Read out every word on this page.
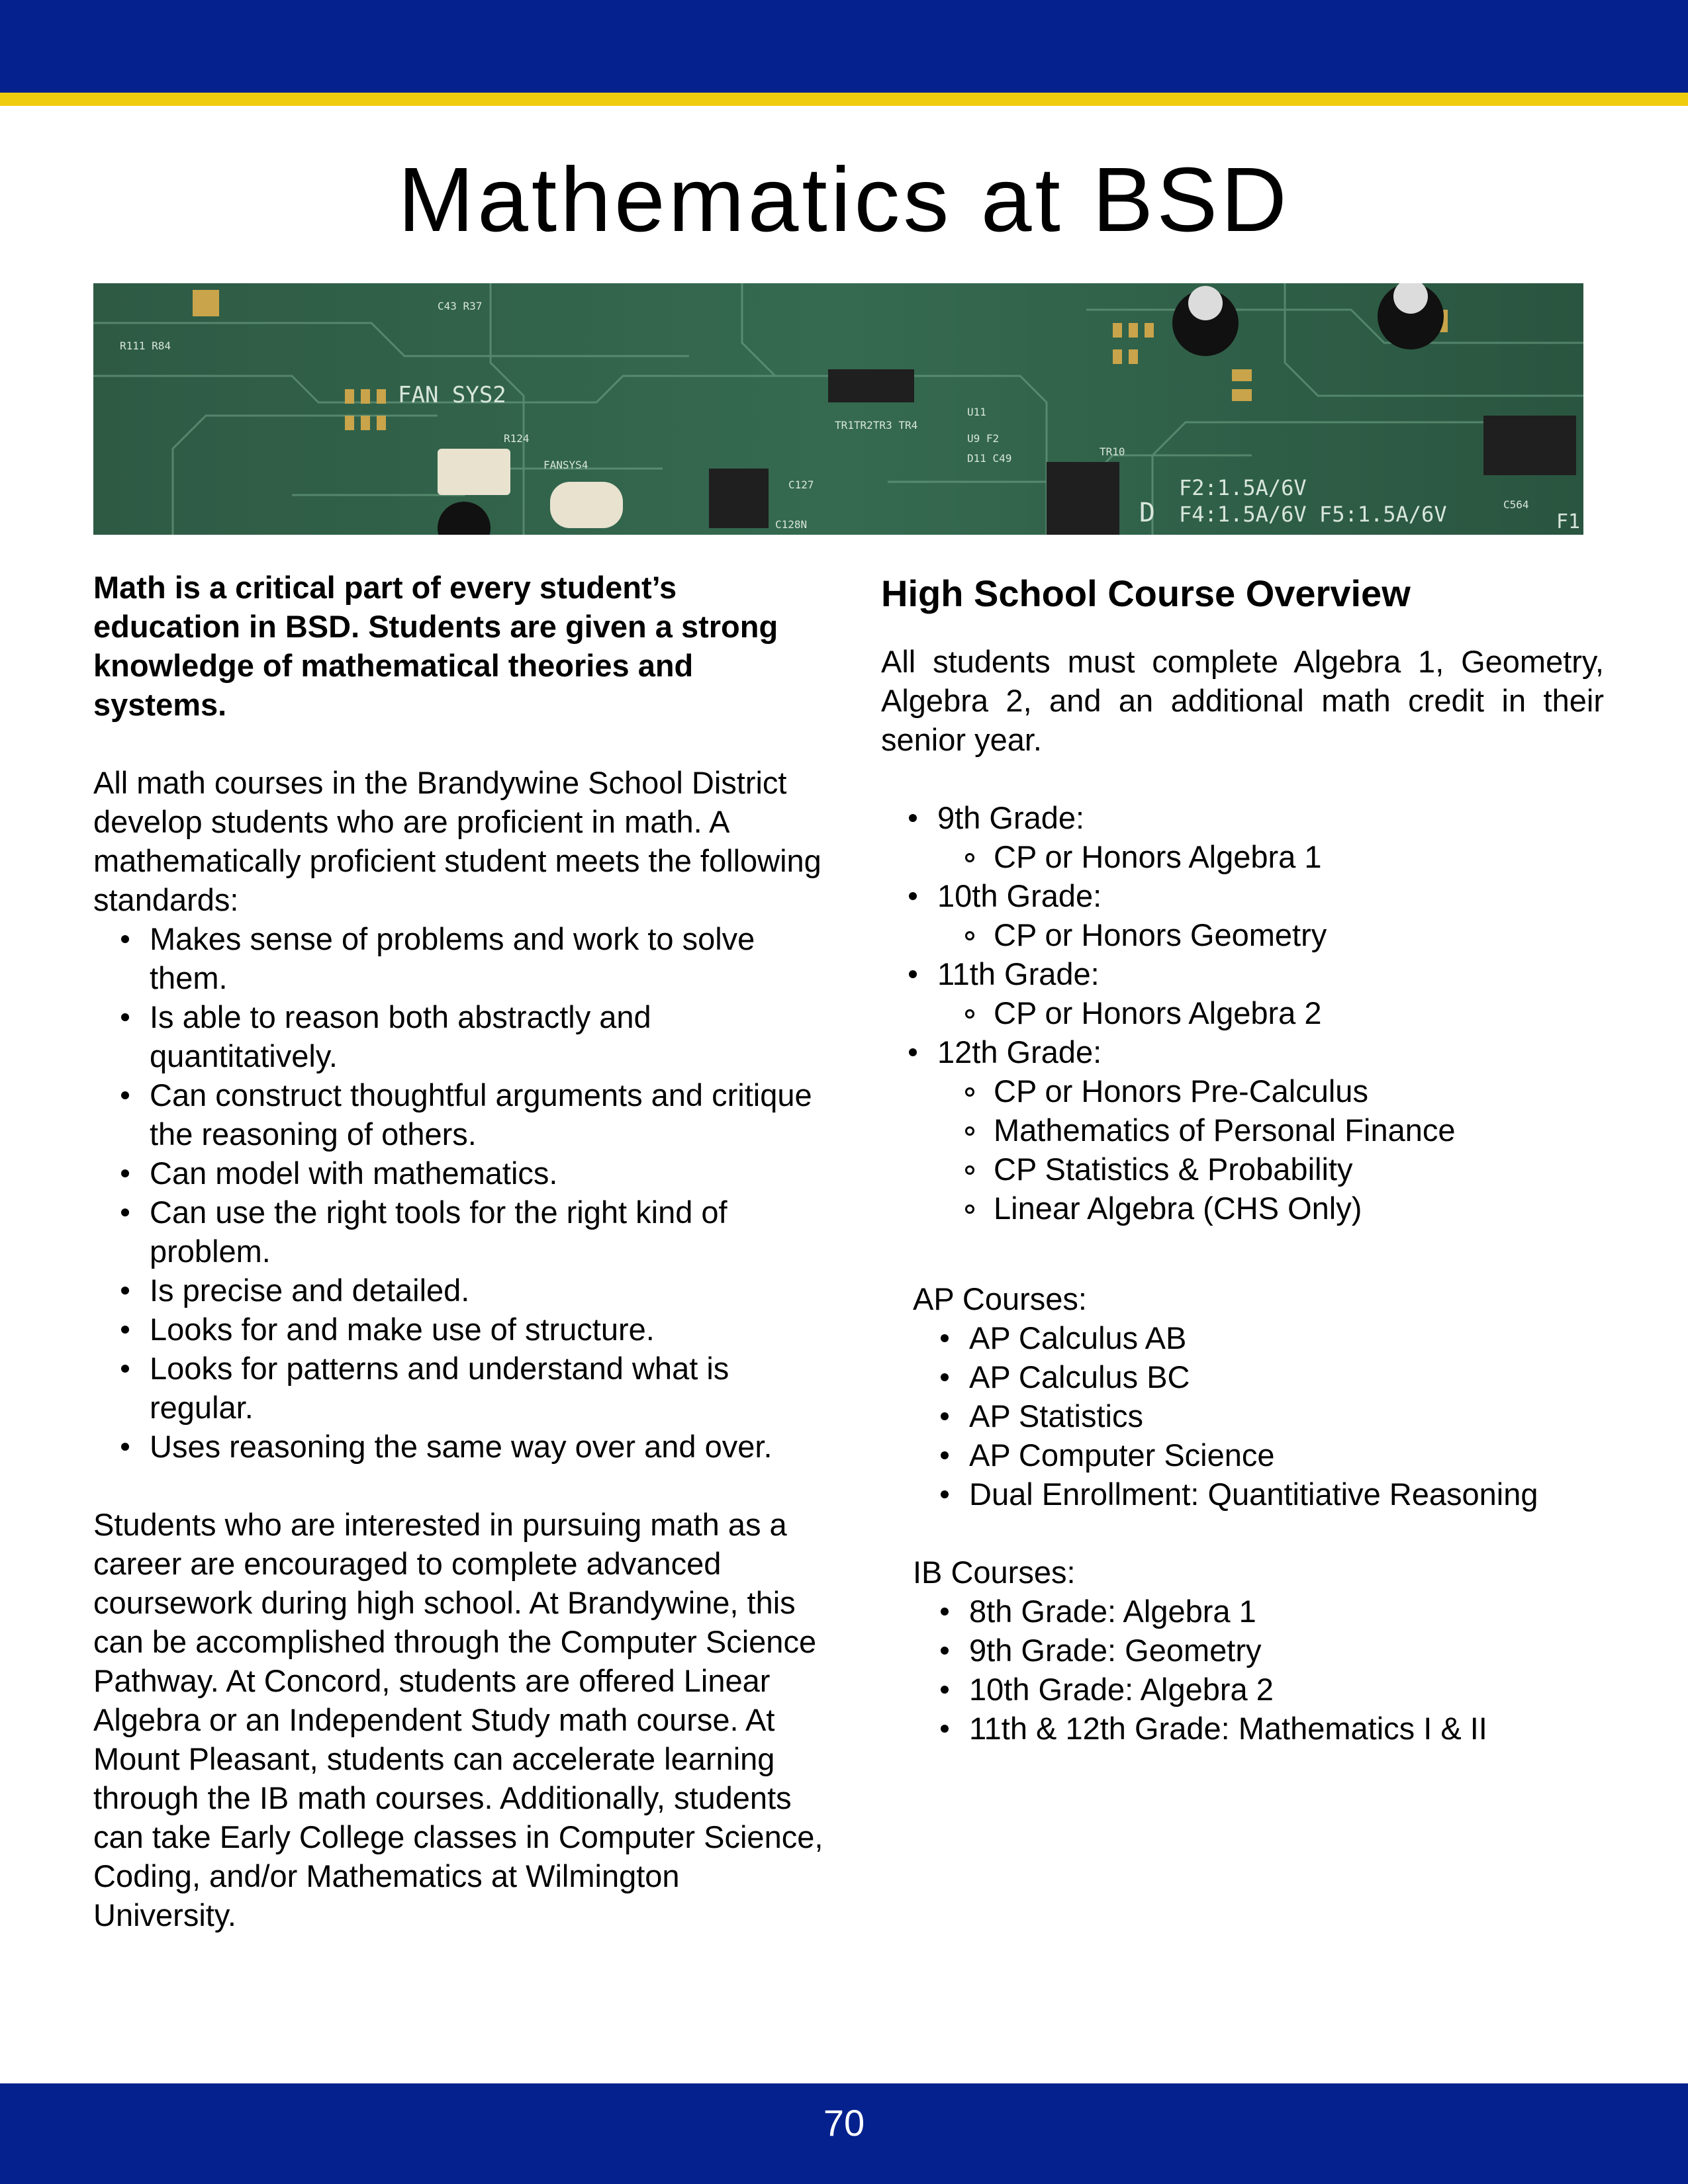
Mathematics at BSD
FAN SYS2
F2:1.5A/6V
F4:1.5A/6V F5:1.5A/6V
U9 F2
D11 C49
TR1TR2TR3 TR4
C43 R37
R111 R84
FANSYS4
R124
C127
C128N
U11
TR10
C564
F1
D

Math is a critical part of every student’s education in BSD. Students are given a strong knowledge of mathematical theories and systems.

All math courses in the Brandywine School District develop students who are proficient in math. A mathematically proficient student meets the following standards:

Makes sense of problems and work to solve them.
Is able to reason both abstractly and quantitatively.
Can construct thoughtful arguments and critique the reasoning of others.
Can model with mathematics.
Can use the right tools for the right kind of problem.
Is precise and detailed.
Looks for and make use of structure.
Looks for patterns and understand what is regular.
Uses reasoning the same way over and over.

Students who are interested in pursuing math as a career are encouraged to complete advanced coursework during high school. At Brandywine, this can be accomplished through the Computer Science Pathway. At Concord, students are offered Linear Algebra or an Independent Study math course. At Mount Pleasant, students can accelerate learning through the IB math courses. Additionally, students can take Early College classes in Computer Science, Coding, and/or Mathematics at Wilmington University.

High School Course Overview

All students must complete Algebra 1, Geometry, Algebra 2, and an additional math credit in their senior year.

9th Grade:
CP or Honors Algebra 1
10th Grade:
CP or Honors Geometry
11th Grade:
CP or Honors Algebra 2
12th Grade:
CP or Honors Pre-Calculus
Mathematics of Personal Finance
CP Statistics & Probability
Linear Algebra (CHS Only)

AP Courses:

AP Calculus AB
AP Calculus BC
AP Statistics
AP Computer Science
Dual Enrollment: Quantitiative Reasoning

IB Courses:

8th Grade: Algebra 1
9th Grade: Geometry
10th Grade: Algebra 2
11th & 12th Grade: Mathematics I & II
70
